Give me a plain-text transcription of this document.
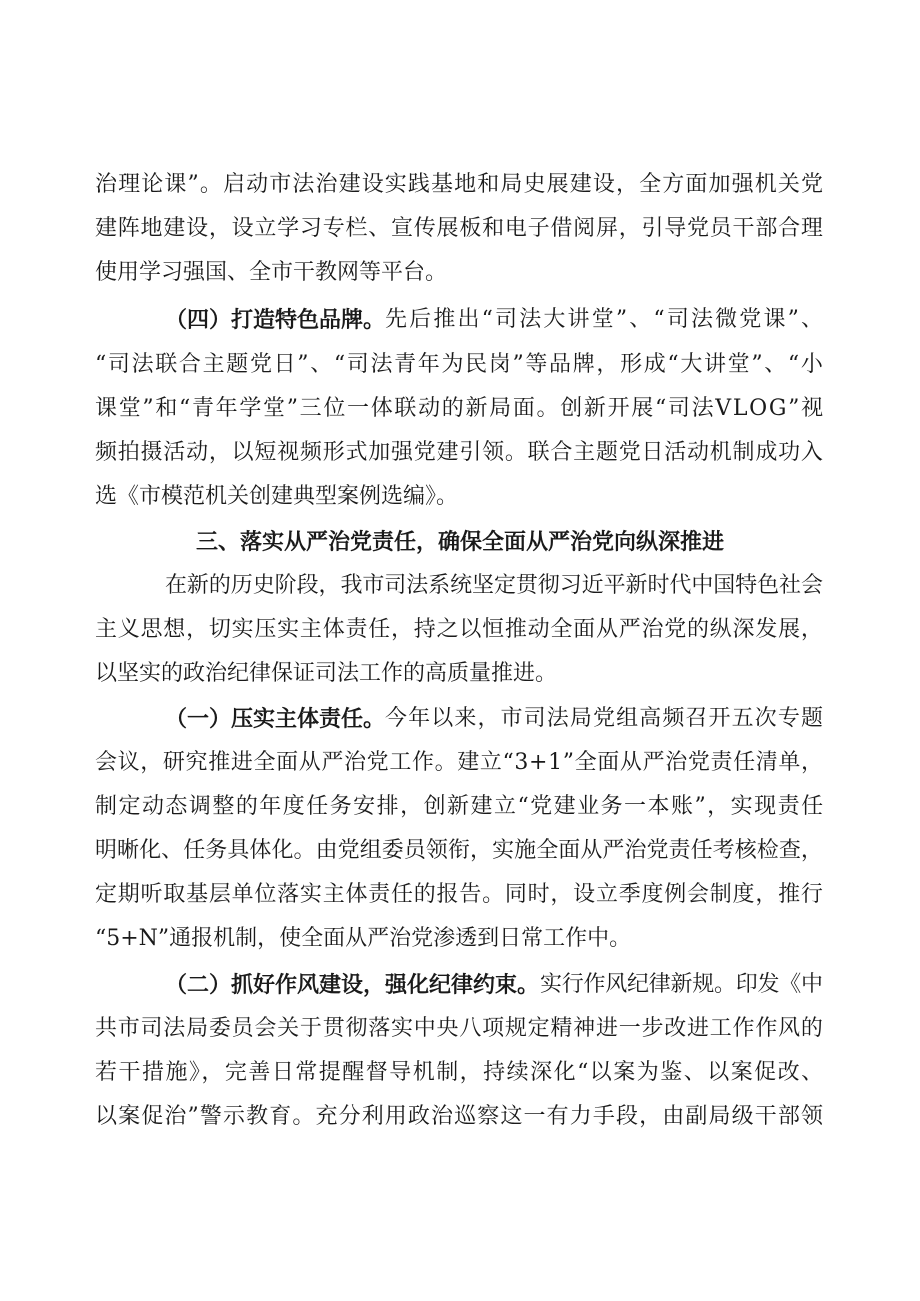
治理论课”。启动市法治建设实践基地和局史展建设，全方面加强机关党
建阵地建设，设立学习专栏、宣传展板和电子借阅屏，引导党员干部合理
使用学习强国、全市干教网等平台。
（四）打造特色品牌。 先后推出“司法大讲堂”、“司法微党课”、
“司法联合主题党日”、“司法青年为民岗”等品牌，形成“大讲堂”、“小
课堂”和“青年学堂”三位一体联动的新局面。创新开展“司法VLOG”视
频拍摄活动，以短视频形式加强党建引领。联合主题党日活动机制成功入
选《市模范机关创建典型案例选编》。
三、落实从严治党责任，确保全面从严治党向纵深推进
在新的历史阶段，我市司法系统坚定贯彻习近平新时代中国特色社会
主义思想，切实压实主体责任，持之以恒推动全面从严治党的纵深发展，
以坚实的政治纪律保证司法工作的高质量推进。
（一）压实主体责任。 今年以来，市司法局党组高频召开五次专题
会议，研究推进全面从严治党工作。建立“3+1”全面从严治党责任清单，
制定动态调整的年度任务安排，创新建立“党建业务一本账”，实现责任
明晰化、任务具体化。由党组委员领衔，实施全面从严治党责任考核检查，
定期听取基层单位落实主体责任的报告。同时，设立季度例会制度，推行
“5+N”通报机制，使全面从严治党渗透到日常工作中。
（二）抓好作风建设，强化纪律约束。 实行作风纪律新规。印发《中
共市司法局委员会关于贯彻落实中央八项规定精神进一步改进工作作风的
若干措施》，完善日常提醒督导机制，持续深化“以案为鉴、以案促改、
以案促治”警示教育。充分利用政治巡察这一有力手段，由副局级干部领
